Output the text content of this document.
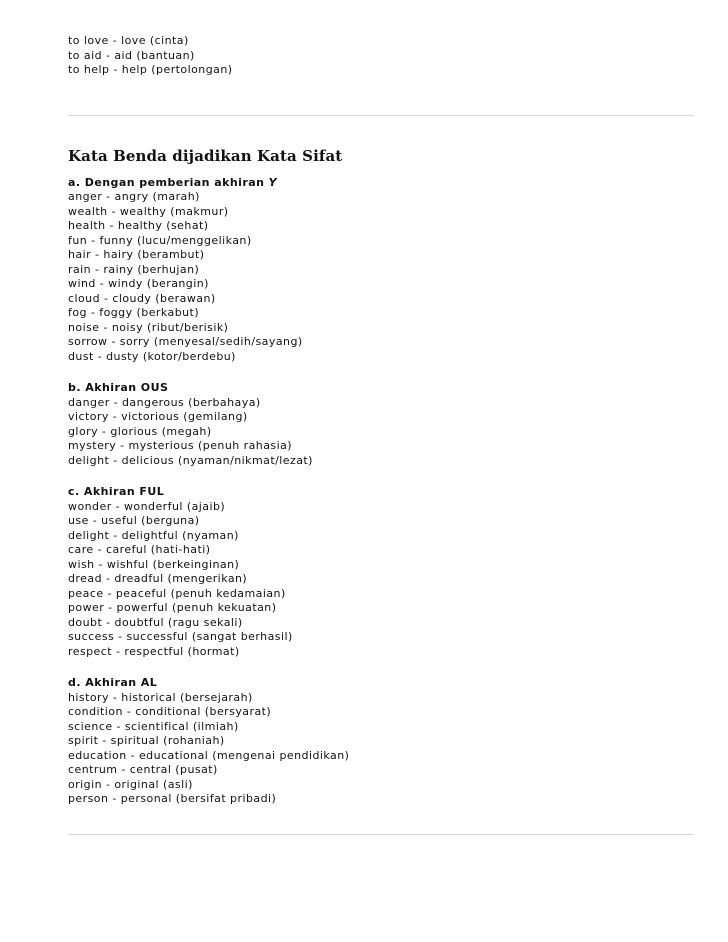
to love - love (cinta)

to aid - aid (bantuan)

to help - help (pertolongan)

Kata Benda dijadikan Kata Sifat
a. Dengan pemberian akhiran Y

anger - angry (marah)

wealth - wealthy (makmur)

health - healthy (sehat)

fun - funny (lucu/menggelikan)

hair - hairy (berambut)

rain - rainy (berhujan)

wind - windy (berangin)

cloud - cloudy (berawan)

fog - foggy (berkabut)

noise - noisy (ribut/berisik)

sorrow - sorry (menyesal/sedih/sayang)

dust - dusty (kotor/berdebu)

b. Akhiran OUS

danger - dangerous (berbahaya)

victory - victorious (gemilang)

glory - glorious (megah)

mystery - mysterious (penuh rahasia)

delight - delicious (nyaman/nikmat/lezat)

c. Akhiran FUL

wonder - wonderful (ajaib)

use - useful (berguna)

delight - delightful (nyaman)

care - careful (hati-hati)

wish - wishful (berkeinginan)

dread - dreadful (mengerikan)

peace - peaceful (penuh kedamaian)

power - powerful (penuh kekuatan)

doubt - doubtful (ragu sekali)

success - successful (sangat berhasil)

respect - respectful (hormat)

d. Akhiran AL

history - historical (bersejarah)

condition - conditional (bersyarat)

science - scientifical (ilmiah)

spirit - spiritual (rohaniah)

education - educational (mengenai pendidikan)

centrum - central (pusat)

origin - original (asli)

person - personal (bersifat pribadi)
